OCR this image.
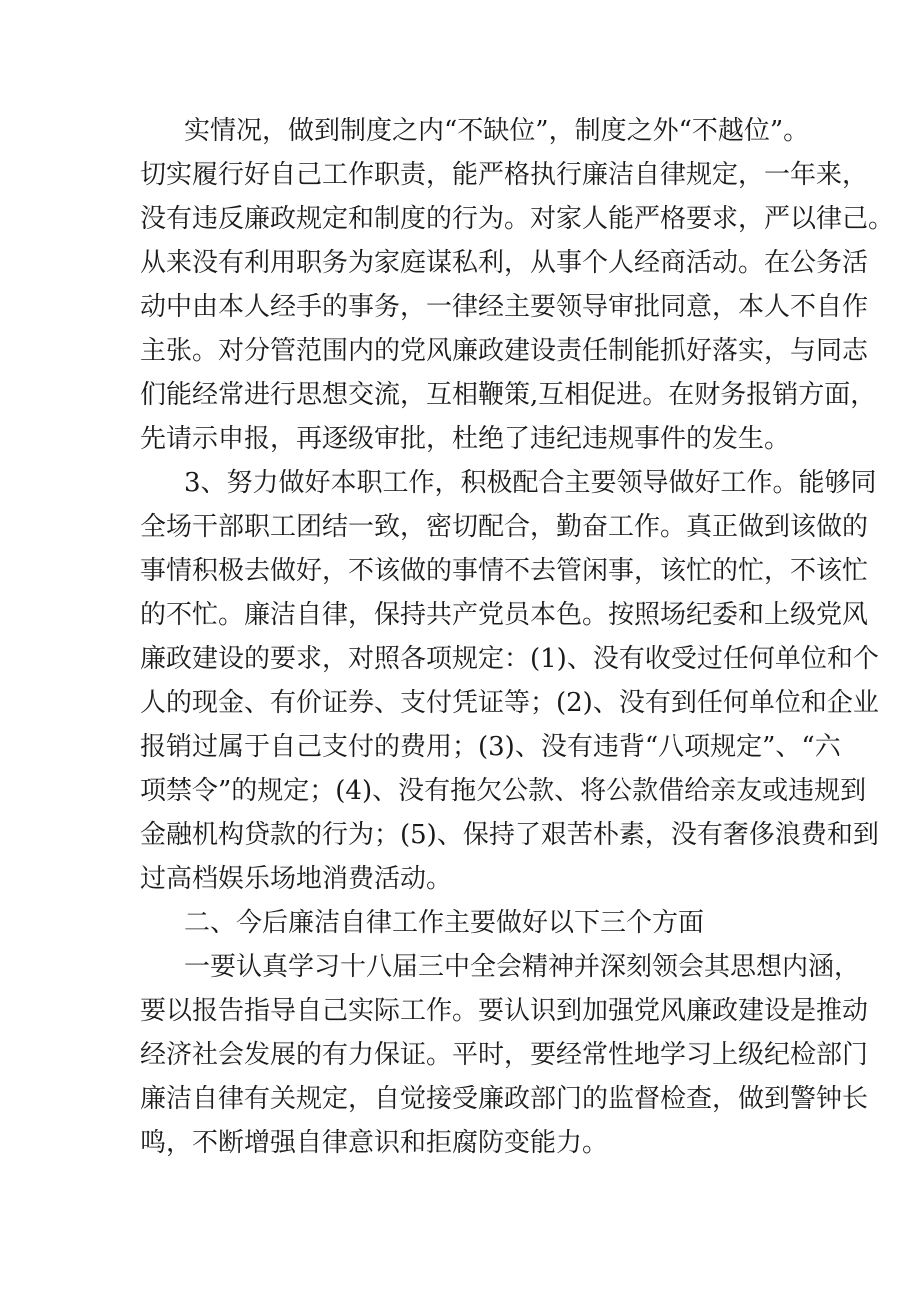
实情况，做到制度之内“不缺位”，制度之外“不越位”。
切实履行好自己工作职责，能严格执行廉洁自律规定，一年来，
没有违反廉政规定和制度的行为。对家人能严格要求，严以律己。
从来没有利用职务为家庭谋私利，从事个人经商活动。在公务活
动中由本人经手的事务，一律经主要领导审批同意，本人不自作
主张。对分管范围内的党风廉政建设责任制能抓好落实，与同志
们能经常进行思想交流，互相鞭策,互相促进。在财务报销方面，
先请示申报，再逐级审批，杜绝了违纪违规事件的发生。
3、努力做好本职工作，积极配合主要领导做好工作。能够同
全场干部职工团结一致，密切配合，勤奋工作。真正做到该做的
事情积极去做好，不该做的事情不去管闲事，该忙的忙，不该忙
的不忙。廉洁自律，保持共产党员本色。按照场纪委和上级党风
廉政建设的要求，对照各项规定：(1)、没有收受过任何单位和个
人的现金、有价证券、支付凭证等；(2)、没有到任何单位和企业
报销过属于自己支付的费用；(3)、没有违背“八项规定”、“六
项禁令”的规定；(4)、没有拖欠公款、将公款借给亲友或违规到
金融机构贷款的行为；(5)、保持了艰苦朴素，没有奢侈浪费和到
过高档娱乐场地消费活动。
二、今后廉洁自律工作主要做好以下三个方面
一要认真学习十八届三中全会精神并深刻领会其思想内涵，
要以报告指导自己实际工作。要认识到加强党风廉政建设是推动
经济社会发展的有力保证。平时，要经常性地学习上级纪检部门
廉洁自律有关规定，自觉接受廉政部门的监督检查，做到警钟长
鸣，不断增强自律意识和拒腐防变能力。
